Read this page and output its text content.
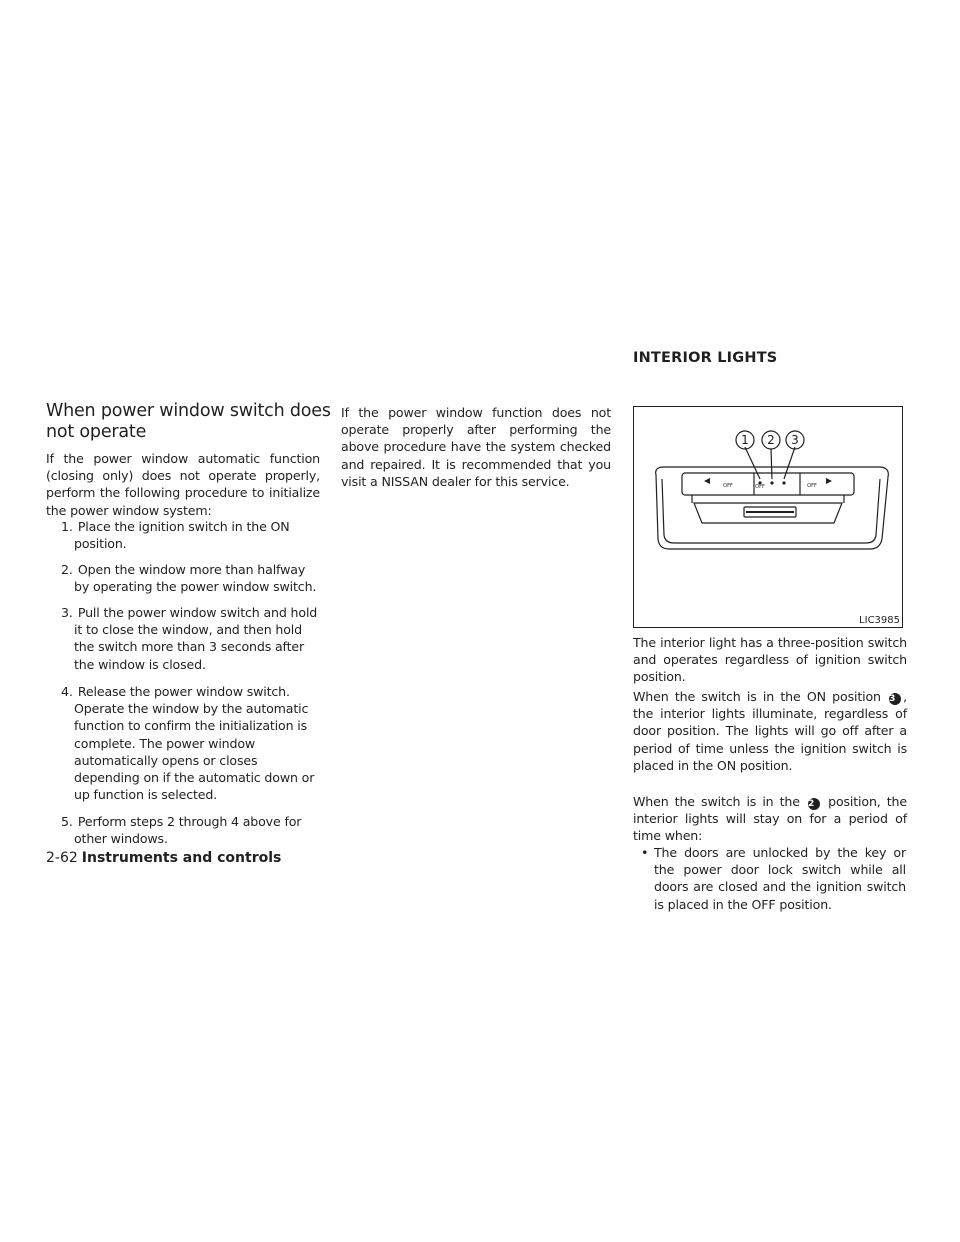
When power window switch does not operate

If the power window automatic function (closing only) does not operate properly, perform the following procedure to initialize the power window system:

1. Place the ignition switch in the ON position.
2. Open the window more than halfway by operating the power window switch.
3. Pull the power window switch and hold it to close the window, and then hold the switch more than 3 seconds after the window is closed.
4. Release the power window switch. Operate the window by the automatic function to confirm the initialization is complete. The power window automatically opens or closes depending on if the automatic down or up function is selected.
5. Perform steps 2 through 4 above for other windows.

If the power window function does not operate properly after performing the above procedure have the system checked and repaired. It is recommended that you visit a NISSAN dealer for this service.

INTERIOR LIGHTS
1 2 3
OFF	OFF	OFF
LIC3985

The interior light has a three-position switch and operates regardless of ignition switch position.

When the switch is in the ON position 3 , the interior lights illuminate, regardless of door position. The lights will go off after a period of time unless the ignition switch is placed in the ON position.

When the switch is in the 2 position, the interior lights will stay on for a period of time when:

• The doors are unlocked by the key or the power door lock switch while all doors are closed and the ignition switch is placed in the OFF position.
2-62 Instruments and controls
